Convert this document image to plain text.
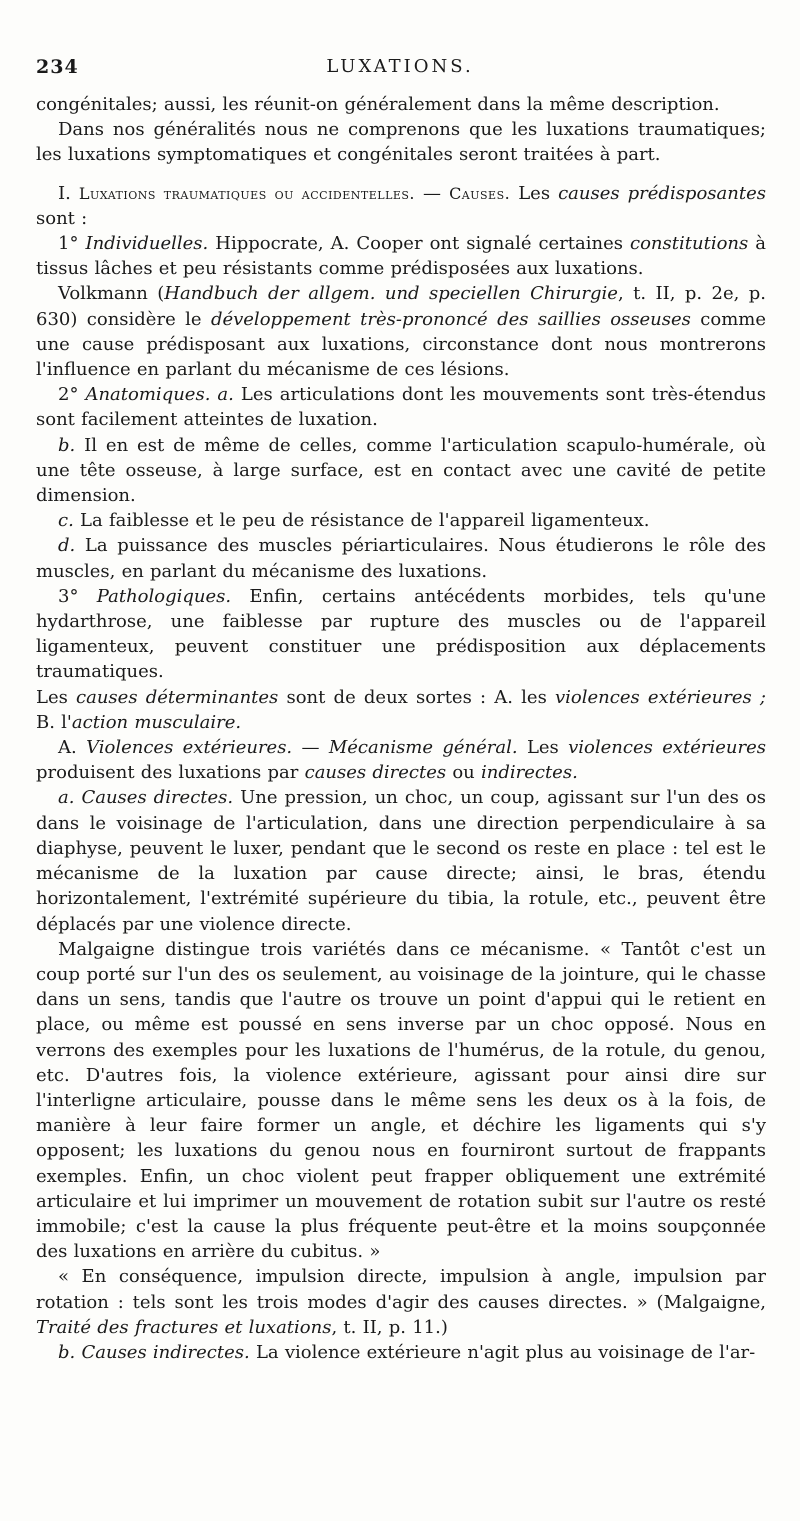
234	LUXATIONS.

congénitales; aussi, les réunit-on généralement dans la même description.

Dans nos généralités nous ne comprenons que les luxations traumatiques; les luxations symptomatiques et congénitales seront traitées à part.

I. Luxations traumatiques ou accidentelles. — Causes. Les causes prédisposantes sont :

1° Individuelles. Hippocrate, A. Cooper ont signalé certaines constitutions à tissus lâches et peu résistants comme prédisposées aux luxations.

Volkmann (Handbuch der allgem. und speciellen Chirurgie, t. II, p. 2e, p. 630) considère le développement très-prononcé des saillies osseuses comme une cause prédisposant aux luxations, circonstance dont nous montrerons l'influence en parlant du mécanisme de ces lésions.

2° Anatomiques. a. Les articulations dont les mouvements sont très-étendus sont facilement atteintes de luxation.

b. Il en est de même de celles, comme l'articulation scapulo-humérale, où une tête osseuse, à large surface, est en contact avec une cavité de petite dimension.

c. La faiblesse et le peu de résistance de l'appareil ligamenteux.

d. La puissance des muscles périarticulaires. Nous étudierons le rôle des muscles, en parlant du mécanisme des luxations.

3° Pathologiques. Enfin, certains antécédents morbides, tels qu'une hydarthrose, une faiblesse par rupture des muscles ou de l'appareil ligamenteux, peuvent constituer une prédisposition aux déplacements traumatiques.

Les causes déterminantes sont de deux sortes : A. les violences extérieures ; B. l'action musculaire.

A. Violences extérieures. — Mécanisme général. Les violences extérieures produisent des luxations par causes directes ou indirectes.

a. Causes directes. Une pression, un choc, un coup, agissant sur l'un des os dans le voisinage de l'articulation, dans une direction perpendiculaire à sa diaphyse, peuvent le luxer, pendant que le second os reste en place : tel est le mécanisme de la luxation par cause directe; ainsi, le bras, étendu horizontalement, l'extrémité supérieure du tibia, la rotule, etc., peuvent être déplacés par une violence directe.

Malgaigne distingue trois variétés dans ce mécanisme. « Tantôt c'est un coup porté sur l'un des os seulement, au voisinage de la jointure, qui le chasse dans un sens, tandis que l'autre os trouve un point d'appui qui le retient en place, ou même est poussé en sens inverse par un choc opposé. Nous en verrons des exemples pour les luxations de l'humérus, de la rotule, du genou, etc. D'autres fois, la violence extérieure, agissant pour ainsi dire sur l'interligne articulaire, pousse dans le même sens les deux os à la fois, de manière à leur faire former un angle, et déchire les ligaments qui s'y opposent; les luxations du genou nous en fourniront surtout de frappants exemples. Enfin, un choc violent peut frapper obliquement une extrémité articulaire et lui imprimer un mouvement de rotation subit sur l'autre os resté immobile; c'est la cause la plus fréquente peut-être et la moins soupçonnée des luxations en arrière du cubitus. »

« En conséquence, impulsion directe, impulsion à angle, impulsion par rotation : tels sont les trois modes d'agir des causes directes. » (Malgaigne, Traité des fractures et luxations, t. II, p. 11.)

b. Causes indirectes. La violence extérieure n'agit plus au voisinage de l'ar-
